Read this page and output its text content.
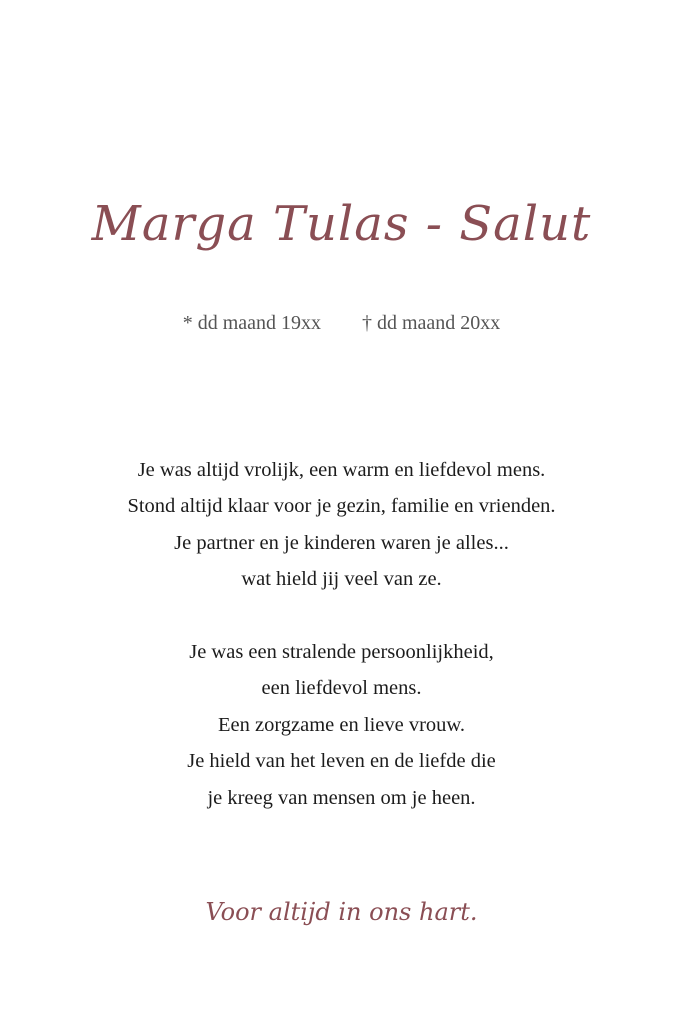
Marga Tulas - Salut
* dd maand 19xx † dd maand 20xx
Je was altijd vrolijk, een warm en liefdevol mens.
Stond altijd klaar voor je gezin, familie en vrienden.
Je partner en je kinderen waren je alles...
wat hield jij veel van ze.
Je was een stralende persoonlijkheid,
een liefdevol mens.
Een zorgzame en lieve vrouw.
Je hield van het leven en de liefde die
je kreeg van mensen om je heen.
Voor altijd in ons hart.
